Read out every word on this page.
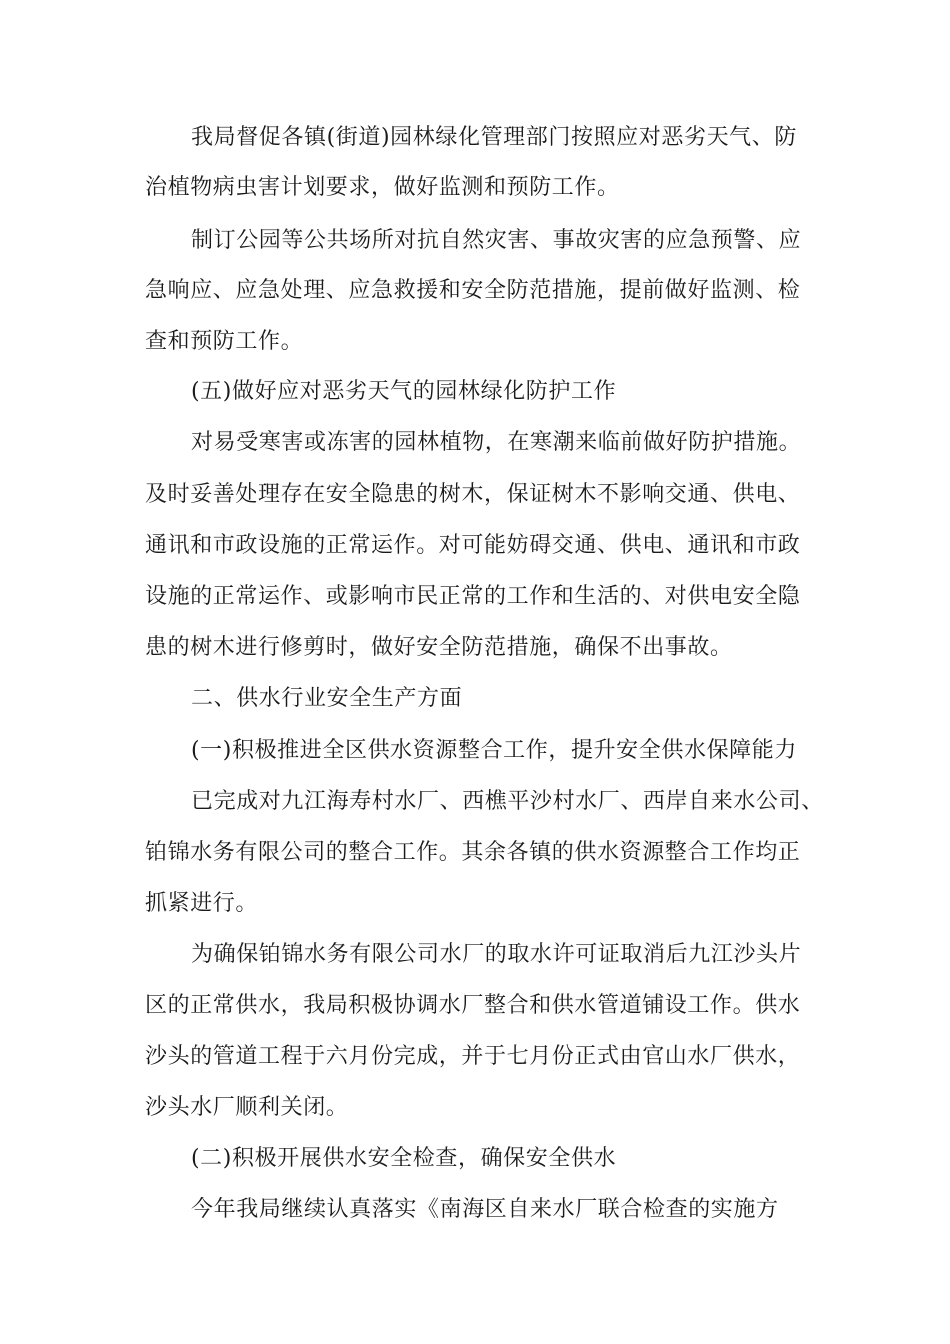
我局督促各镇(街道)园林绿化管理部门按照应对恶劣天气、防
治植物病虫害计划要求，做好监测和预防工作。
制订公园等公共场所对抗自然灾害、事故灾害的应急预警、应
急响应、应急处理、应急救援和安全防范措施，提前做好监测、检
查和预防工作。
(五)做好应对恶劣天气的园林绿化防护工作
对易受寒害或冻害的园林植物，在寒潮来临前做好防护措施。
及时妥善处理存在安全隐患的树木，保证树木不影响交通、供电、
通讯和市政设施的正常运作。对可能妨碍交通、供电、通讯和市政
设施的正常运作、或影响市民正常的工作和生活的、对供电安全隐
患的树木进行修剪时，做好安全防范措施，确保不出事故。
二、供水行业安全生产方面
(一)积极推进全区供水资源整合工作，提升安全供水保障能力
已完成对九江海寿村水厂、西樵平沙村水厂、西岸自来水公司、
铂锦水务有限公司的整合工作。其余各镇的供水资源整合工作均正
抓紧进行。
为确保铂锦水务有限公司水厂的取水许可证取消后九江沙头片
区的正常供水，我局积极协调水厂整合和供水管道铺设工作。供水
沙头的管道工程于六月份完成，并于七月份正式由官山水厂供水，
沙头水厂顺利关闭。
(二)积极开展供水安全检查，确保安全供水
今年我局继续认真落实《南海区自来水厂联合检查的实施方
